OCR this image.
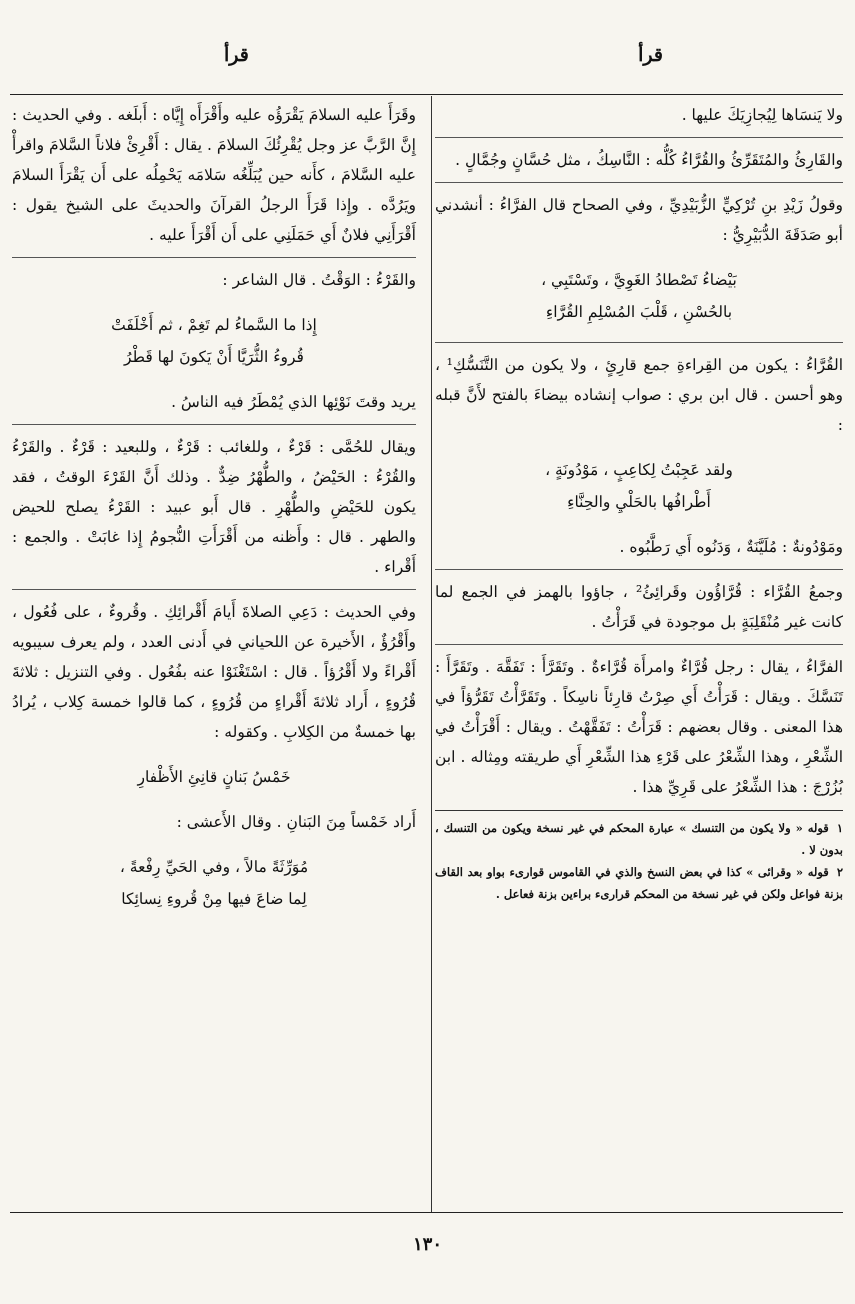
قرأ
قرأ

ولا يَنسَاها لِيُجازِيَكَ عليها .

والقَارِئُ والمُتَقَرِّئُ والقُرَّاءُ كُلُّه : النَّاسِكُ ، مثل حُسَّانٍ وجُمَّالٍ .

وقولُ زَيْدِ بنِ تُرْكِيٍّ الزُّبَيْدِيِّ ، وفي الصحاح قال الفرَّاءُ : أنشدني أبو صَدَقَةَ الدُّبَيْرِيُّ :

بَيْضاءُ تَصْطادُ الغَوِيَّ ، وتَسْتَبِي ،
بالحُسْنِ ، قَلْبَ المُسْلِمِ القُرَّاءِ

القُرَّاءُ : يكون من القِراءةِ جمع قارِئٍ ، ولا يكون من التَّنَسُّكِ¹ ، وهو أحسن . قال ابن بري : صواب إنشاده بيضاءَ بالفتح لأَنَّ قبله :

ولقد عَجِبْتُ لِكاعِبٍ ، مَوْدُونَةٍ ،
أَطْرافُها بالحَلْيِ والحِنَّاءِ

ومَوْدُونةٌ : مُلَيَّنَةٌ ، وَدَنُوه أَي رَطَّبُوه .

وجمعُ القُرَّاء : قُرَّاؤُون وقَرائِئُ² ، جاؤوا بالهمز في الجمع لما كانت غير مُنْقَلِبَةٍ بل موجودة في قَرَأْتُ .

الفرَّاءُ ، يقال : رجل قُرَّاءٌ وامرأَة قُرَّاءةٌ . وتَقَرَّأَ : تَفَقَّهَ . وتَقَرَّأَ : تَنَسَّكَ . ويقال : قَرَأْتُ أَي صِرْتُ قارِئاً ناسِكاً . وتَقَرَّأْتُ تَقَرُّؤاً في هذا المعنى . وقال بعضهم : قَرَأْتُ : تَفَقَّهْتُ . ويقال : أَقْرَأْتُ في الشِّعْرِ ، وهذا الشِّعْرُ على قَرْءِ هذا الشِّعْرِ أَي طريقته ومِثاله . ابن بُزُرْجَ : هذا الشِّعْرُ على قَرِيِّ هذا .

١قوله « ولا يكون من التنسك » عبارة المحكم في غير نسخة ويكون من التنسك ، بدون لا .

٢قوله « وقرائى » كذا في بعض النسخ والذي في القاموس قوارىء بواو بعد القاف بزنة فواعل ولكن في غير نسخة من المحكم قرارىء براءين بزنة فعاعل .

وقَرَأَ عليه السلامَ يَقْرَؤُه عليه وأَقْرَأَه إِيَّاه : أَبلَغه . وفي الحديث : إِنَّ الرَّبَّ عز وجل يُقْرِئُكَ السلامَ . يقال : أَقْرِئْ فلاناً السَّلامَ واقرأْ عليه السَّلامَ ، كأَنه حين يُبَلِّغُه سَلامَه يَحْمِلُه على أَن يَقْرَأَ السلامَ ويَرُدَّه . وإِذا قَرَأَ الرجلُ القرآنَ والحديثَ على الشيخ يقول : أَقْرَأَنِي فلانٌ أَي حَمَلَنِي على أَن أَقْرَأَ عليه .

والقَرْءُ : الوَقْتُ . قال الشاعر :

إِذا ما السَّماءُ لم تَغِمْ ، ثم أَخْلَفَتْ
قُروءُ الثُّرَيَّا أَنْ يَكونَ لها قَطْرُ

يريد وقتَ نَوْئِها الذي يُمْطَرُ فيه الناسُ .

ويقال للحُمَّى : قَرْءٌ ، وللغائب : قَرْءٌ ، وللبعيد : قَرْءٌ . والقَرْءُ والقُرْءُ : الحَيْضُ ، والطُّهْرُ ضِدٌّ . وذلك أَنَّ القَرْءَ الوقتُ ، فقد يكون للحَيْضِ والطُّهْرِ . قال أَبو عبيد : القَرْءُ يصلح للحيض والطهر . قال : وأَظنه من أَقْرَأَتِ النُّجومُ إِذا غابَتْ . والجمع : أَقْراء .

وفي الحديث : دَعِي الصلاةَ أَيامَ أَقْرائِكِ . وقُروءٌ ، على فُعُول ، وأَقْرُؤٌ ، الأَخيرة عن اللحياني في أَدنى العدد ، ولم يعرف سيبويه أَقْراءً ولا أَقْرُؤاً . قال : اسْتَغْنَوْا عنه بفُعُول . وفي التنزيل : ثلاثةَ قُرُوءٍ ، أَراد ثلاثةَ أَقْراءٍ من قُرُوءٍ ، كما قالوا خمسة كِلاب ، يُرادُ بها خمسةٌ من الكِلابِ . وكقوله :

خَمْسُ بَنانٍ قانِئِ الأَظْفارِ

أَراد خَمْساً مِنَ البَنانِ . وقال الأَعشى :

مُوَرِّثَةً مالاً ، وفي الحَيِّ رِفْعةً ،
لِما ضاعَ فيها مِنْ قُروءِ نِسائِكا
١٣٠
